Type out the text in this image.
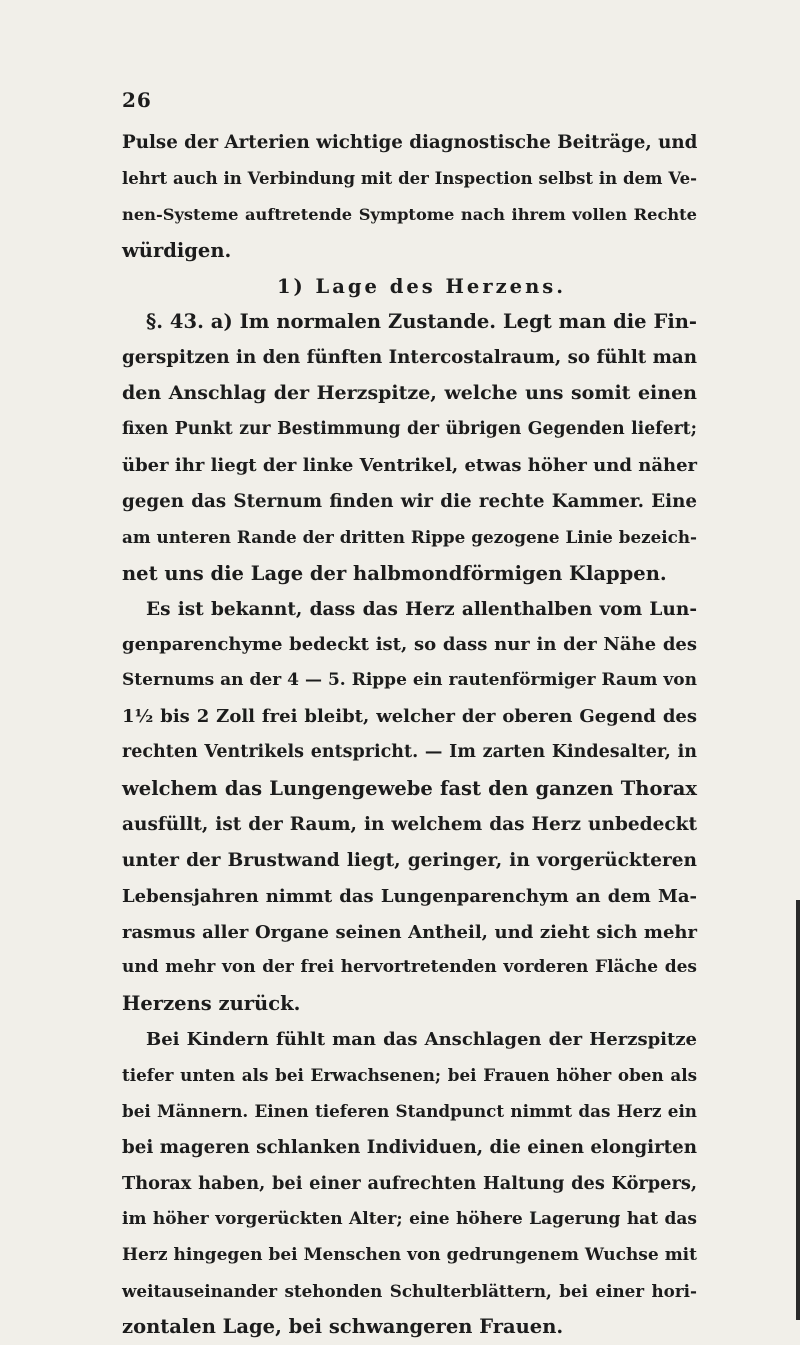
26
Pulse der Arterien wichtige diagnostische Beiträge, und
lehrt auch in Verbindung mit der Inspection selbst in dem Ve-
nen-Systeme auftretende Symptome nach ihrem vollen Rechte
würdigen.
1) Lage des Herzens.
§. 43. a) Im normalen Zustande. Legt man die Fin-
gerspitzen in den fünften Intercostalraum, so fühlt man
den Anschlag der Herzspitze, welche uns somit einen
fixen Punkt zur Bestimmung der übrigen Gegenden liefert;
über ihr liegt der linke Ventrikel, etwas höher und näher
gegen das Sternum finden wir die rechte Kammer. Eine
am unteren Rande der dritten Rippe gezogene Linie bezeich-
net uns die Lage der halbmondförmigen Klappen.
Es ist bekannt, dass das Herz allenthalben vom Lun-
genparenchyme bedeckt ist, so dass nur in der Nähe des
Sternums an der 4 — 5. Rippe ein rautenförmiger Raum von
1½ bis 2 Zoll frei bleibt, welcher der oberen Gegend des
rechten Ventrikels entspricht. — Im zarten Kindesalter, in
welchem das Lungengewebe fast den ganzen Thorax
ausfüllt, ist der Raum, in welchem das Herz unbedeckt
unter der Brustwand liegt, geringer, in vorgerückteren
Lebensjahren nimmt das Lungenparenchym an dem Ma-
rasmus aller Organe seinen Antheil, und zieht sich mehr
und mehr von der frei hervortretenden vorderen Fläche des
Herzens zurück.
Bei Kindern fühlt man das Anschlagen der Herzspitze
tiefer unten als bei Erwachsenen; bei Frauen höher oben als
bei Männern. Einen tieferen Standpunct nimmt das Herz ein
bei mageren schlanken Individuen, die einen elongirten
Thorax haben, bei einer aufrechten Haltung des Körpers,
im höher vorgerückten Alter; eine höhere Lagerung hat das
Herz hingegen bei Menschen von gedrungenem Wuchse mit
weitauseinander stehonden Schulterblättern, bei einer hori-
zontalen Lage, bei schwangeren Frauen.
